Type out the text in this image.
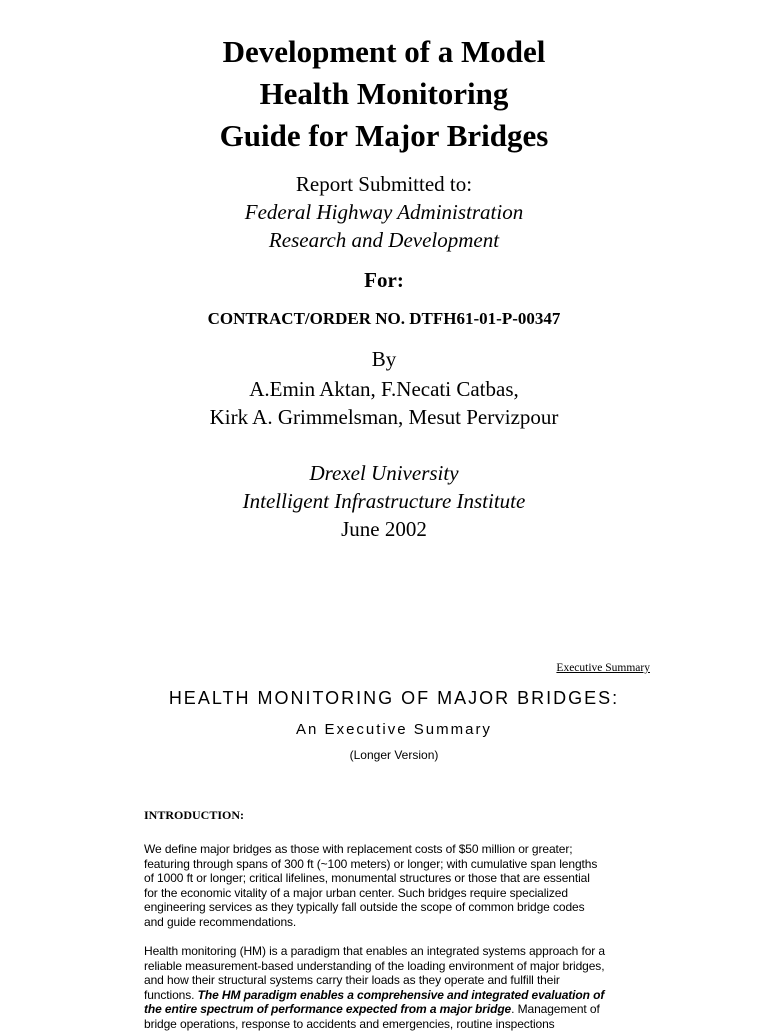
Development of a Model
Health Monitoring
Guide for Major Bridges
Report Submitted to:
Federal Highway Administration
Research and Development
For:
CONTRACT/ORDER NO. DTFH61-01-P-00347
By
A.Emin Aktan, F.Necati Catbas,
Kirk A. Grimmelsman, Mesut Pervizpour
Drexel University
Intelligent Infrastructure Institute
June 2002
Executive Summary
HEALTH MONITORING OF MAJOR BRIDGES:
An Executive Summary
(Longer Version)
INTRODUCTION:
We define major bridges as those with replacement costs of $50 million or greater;
featuring through spans of 300 ft (~100 meters) or longer; with cumulative span lengths
of 1000 ft or longer; critical lifelines, monumental structures or those that are essential
for the economic vitality of a major urban center. Such bridges require specialized
engineering services as they typically fall outside the scope of common bridge codes
and guide recommendations.
Health monitoring (HM) is a paradigm that enables an integrated systems approach for a
reliable measurement-based understanding of the loading environment of major bridges,
and how their structural systems carry their loads as they operate and fulfill their
functions. The HM paradigm enables a comprehensive and integrated evaluation of
the entire spectrum of performance expected from a major bridge. Management of
bridge operations, response to accidents and emergencies, routine inspections
